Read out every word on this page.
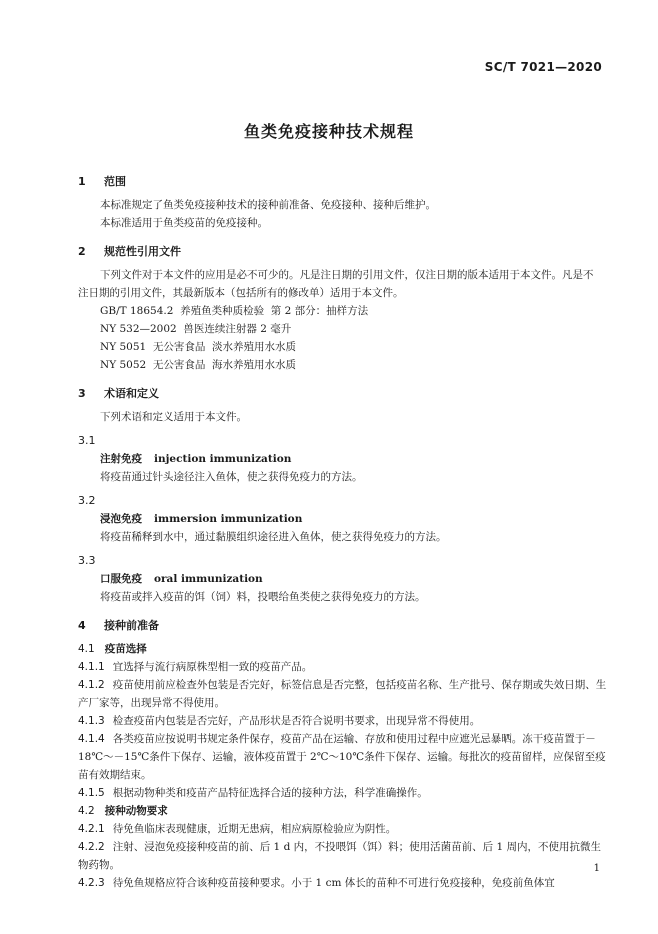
SC/T 7021—2020
鱼类免疫接种技术规程
1 范围
本标准规定了鱼类免疫接种技术的接种前准备、免疫接种、接种后维护。
本标准适用于鱼类疫苗的免疫接种。
2 规范性引用文件
下列文件对于本文件的应用是必不可少的。凡是注日期的引用文件，仅注日期的版本适用于本文件。凡是不注日期的引用文件，其最新版本（包括所有的修改单）适用于本文件。
GB/T 18654.2  养殖鱼类种质检验  第 2 部分：抽样方法
NY 532—2002  兽医连续注射器 2 毫升
NY 5051  无公害食品  淡水养殖用水水质
NY 5052  无公害食品  海水养殖用水水质
3 术语和定义
下列术语和定义适用于本文件。
3.1
注射免疫 injection immunization
将疫苗通过针头途径注入鱼体，使之获得免疫力的方法。
3.2
浸泡免疫 immersion immunization
将疫苗稀释到水中，通过黏膜组织途径进入鱼体，使之获得免疫力的方法。
3.3
口服免疫 oral immunization
将疫苗或拌入疫苗的饵（饲）料，投喂给鱼类使之获得免疫力的方法。
4 接种前准备
4.1 疫苗选择
4.1.1 宜选择与流行病原株型相一致的疫苗产品。
4.1.2 疫苗使用前应检查外包装是否完好，标签信息是否完整，包括疫苗名称、生产批号、保存期或失效日期、生产厂家等，出现异常不得使用。
4.1.3 检查疫苗内包装是否完好，产品形状是否符合说明书要求，出现异常不得使用。
4.1.4 各类疫苗应按说明书规定条件保存，疫苗产品在运输、存放和使用过程中应遮光忌暴晒。冻干疫苗置于－18℃～－15℃条件下保存、运输，液体疫苗置于 2℃～10℃条件下保存、运输。每批次的疫苗留样，应保留至疫苗有效期结束。
4.1.5 根据动物种类和疫苗产品特征选择合适的接种方法，科学准确操作。
4.2 接种动物要求
4.2.1 待免鱼临床表现健康，近期无患病，相应病原检验应为阴性。
4.2.2 注射、浸泡免疫接种疫苗的前、后 1 d 内，不投喂饵（饵）料；使用活菌苗前、后 1 周内，不使用抗微生物药物。
4.2.3 待免鱼规格应符合该种疫苗接种要求。小于 1 cm 体长的苗种不可进行免疫接种，免疫前鱼体宜
1
